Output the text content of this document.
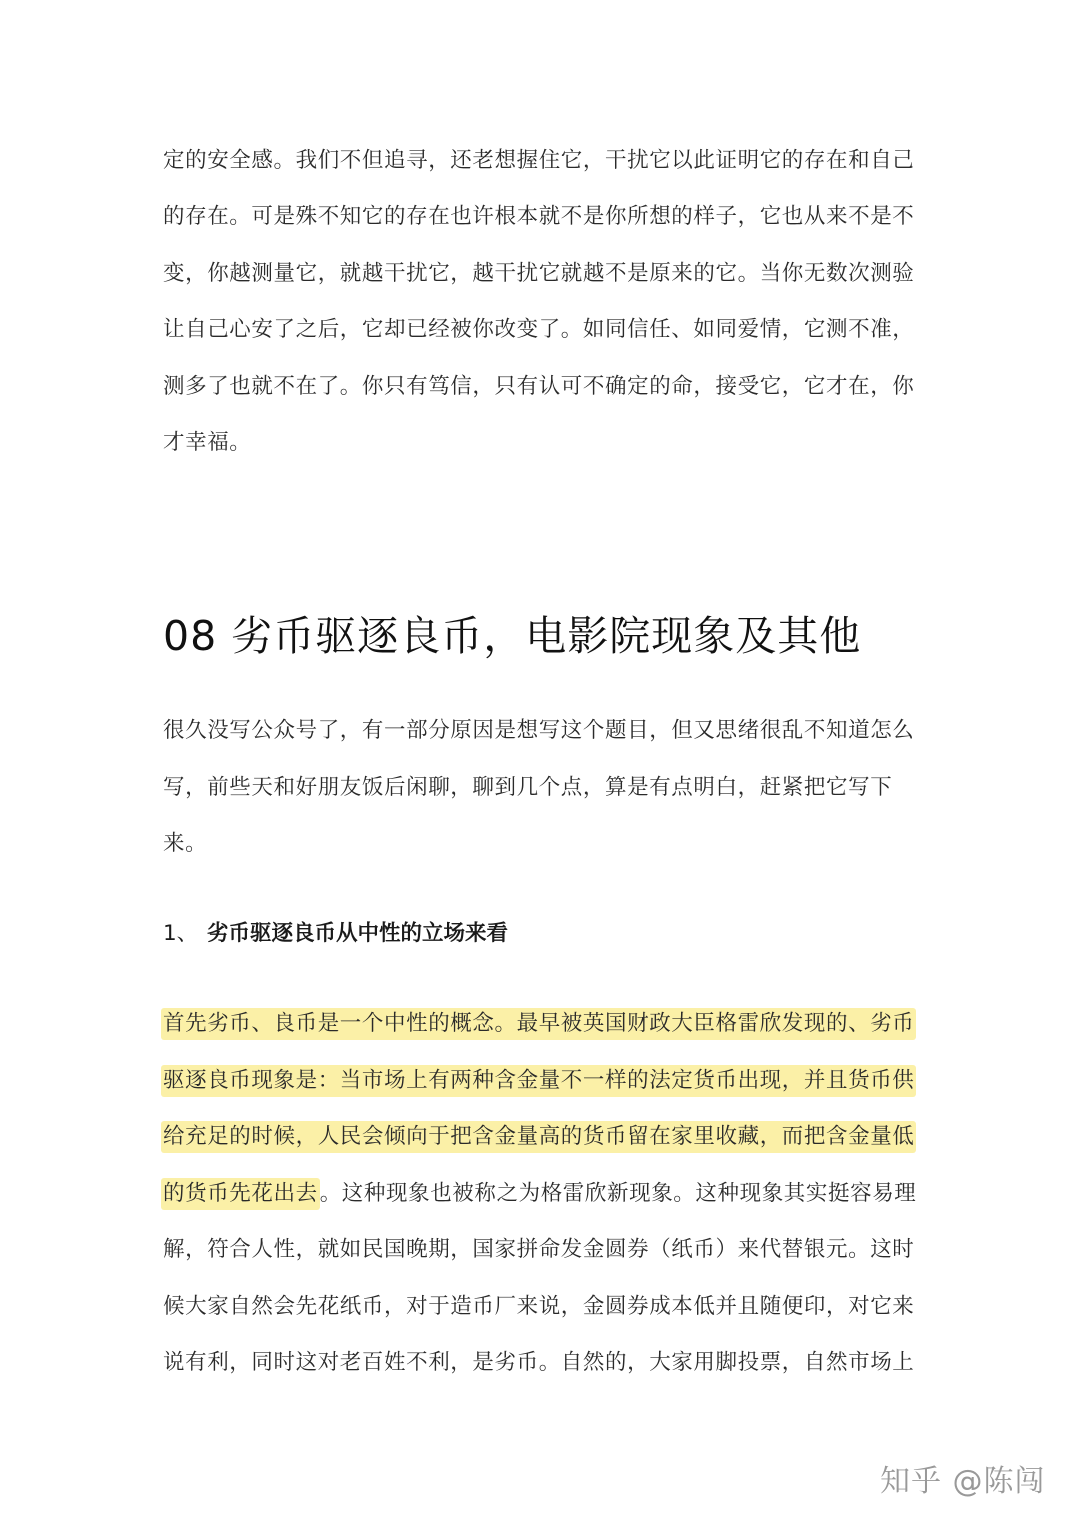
定的安全感。我们不但追寻，还老想握住它，干扰它以此证明它的存在和自己
的存在。可是殊不知它的存在也许根本就不是你所想的样子，它也从来不是不
变，你越测量它，就越干扰它，越干扰它就越不是原来的它。当你无数次测验
让自己心安了之后，它却已经被你改变了。如同信任、如同爱情，它测不准，
测多了也就不在了。你只有笃信，只有认可不确定的命，接受它，它才在，你
才幸福。
08 劣币驱逐良币，电影院现象及其他
很久没写公众号了，有一部分原因是想写这个题目，但又思绪很乱不知道怎么
写，前些天和好朋友饭后闲聊，聊到几个点，算是有点明白，赶紧把它写下
来。
1、 劣币驱逐良币从中性的立场来看
首先劣币、良币是一个中性的概念。最早被英国财政大臣格雷欣发现的、劣币
驱逐良币现象是：当市场上有两种含金量不一样的法定货币出现，并且货币供
给充足的时候，人民会倾向于把含金量高的货币留在家里收藏，而把含金量低
的货币先花出去。这种现象也被称之为格雷欣新现象。这种现象其实挺容易理
解，符合人性，就如民国晚期，国家拼命发金圆券（纸币）来代替银元。这时
候大家自然会先花纸币，对于造币厂来说，金圆券成本低并且随便印，对它来
说有利，同时这对老百姓不利，是劣币。自然的，大家用脚投票，自然市场上
知乎 @陈闯
